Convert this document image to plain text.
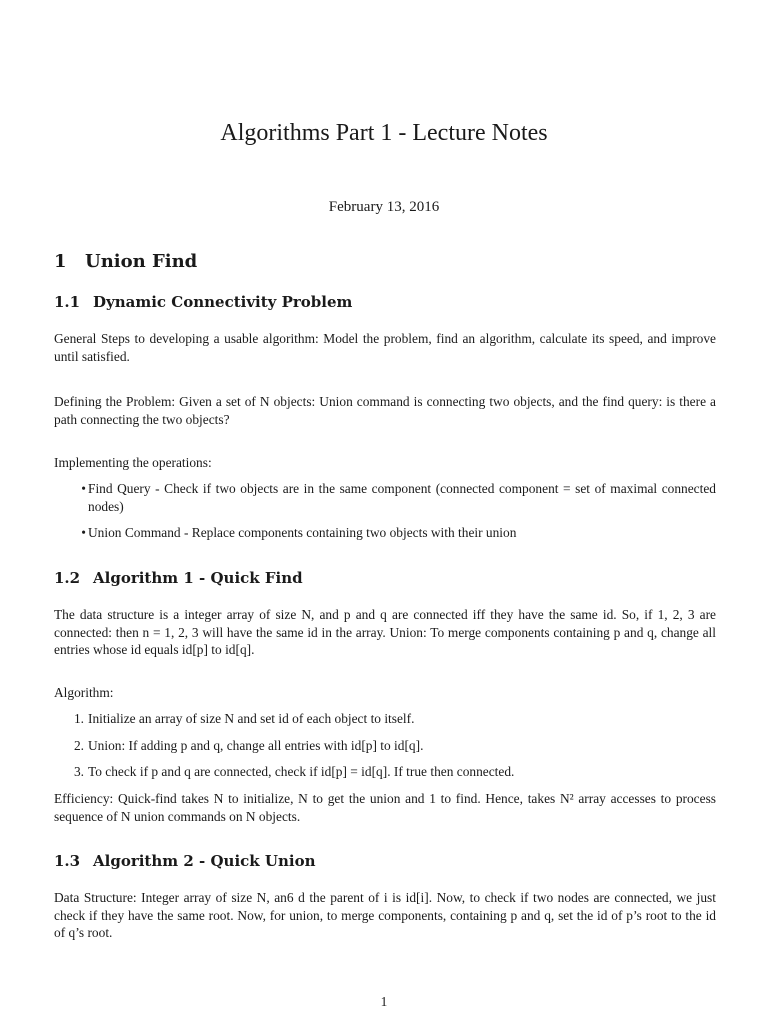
Algorithms Part 1 - Lecture Notes
February 13, 2016
1 Union Find
1.1 Dynamic Connectivity Problem

General Steps to developing a usable algorithm: Model the problem, find an algorithm, calculate its speed, and improve until satisfied.

Defining the Problem: Given a set of N objects: Union command is connecting two objects, and the find query: is there a path connecting the two objects?

Implementing the operations:

• Find Query - Check if two objects are in the same component (connected component = set of maximal connected nodes)
• Union Command - Replace components containing two objects with their union
1.2 Algorithm 1 - Quick Find

The data structure is a integer array of size N, and p and q are connected iff they have the same id. So, if 1, 2, 3 are connected: then n = 1, 2, 3 will have the same id in the array. Union: To merge components containing p and q, change all entries whose id equals id[p] to id[q].

Algorithm:

1. Initialize an array of size N and set id of each object to itself.
2. Union: If adding p and q, change all entries with id[p] to id[q].
3. To check if p and q are connected, check if id[p] = id[q]. If true then connected.

Efficiency: Quick-find takes N to initialize, N to get the union and 1 to find. Hence, takes N² array accesses to process sequence of N union commands on N objects.

1.3 Algorithm 2 - Quick Union

Data Structure: Integer array of size N, an6 d the parent of i is id[i]. Now, to check if two nodes are connected, we just check if they have the same root. Now, for union, to merge components, containing p and q, set the id of p’s root to the id of q’s root.

1
